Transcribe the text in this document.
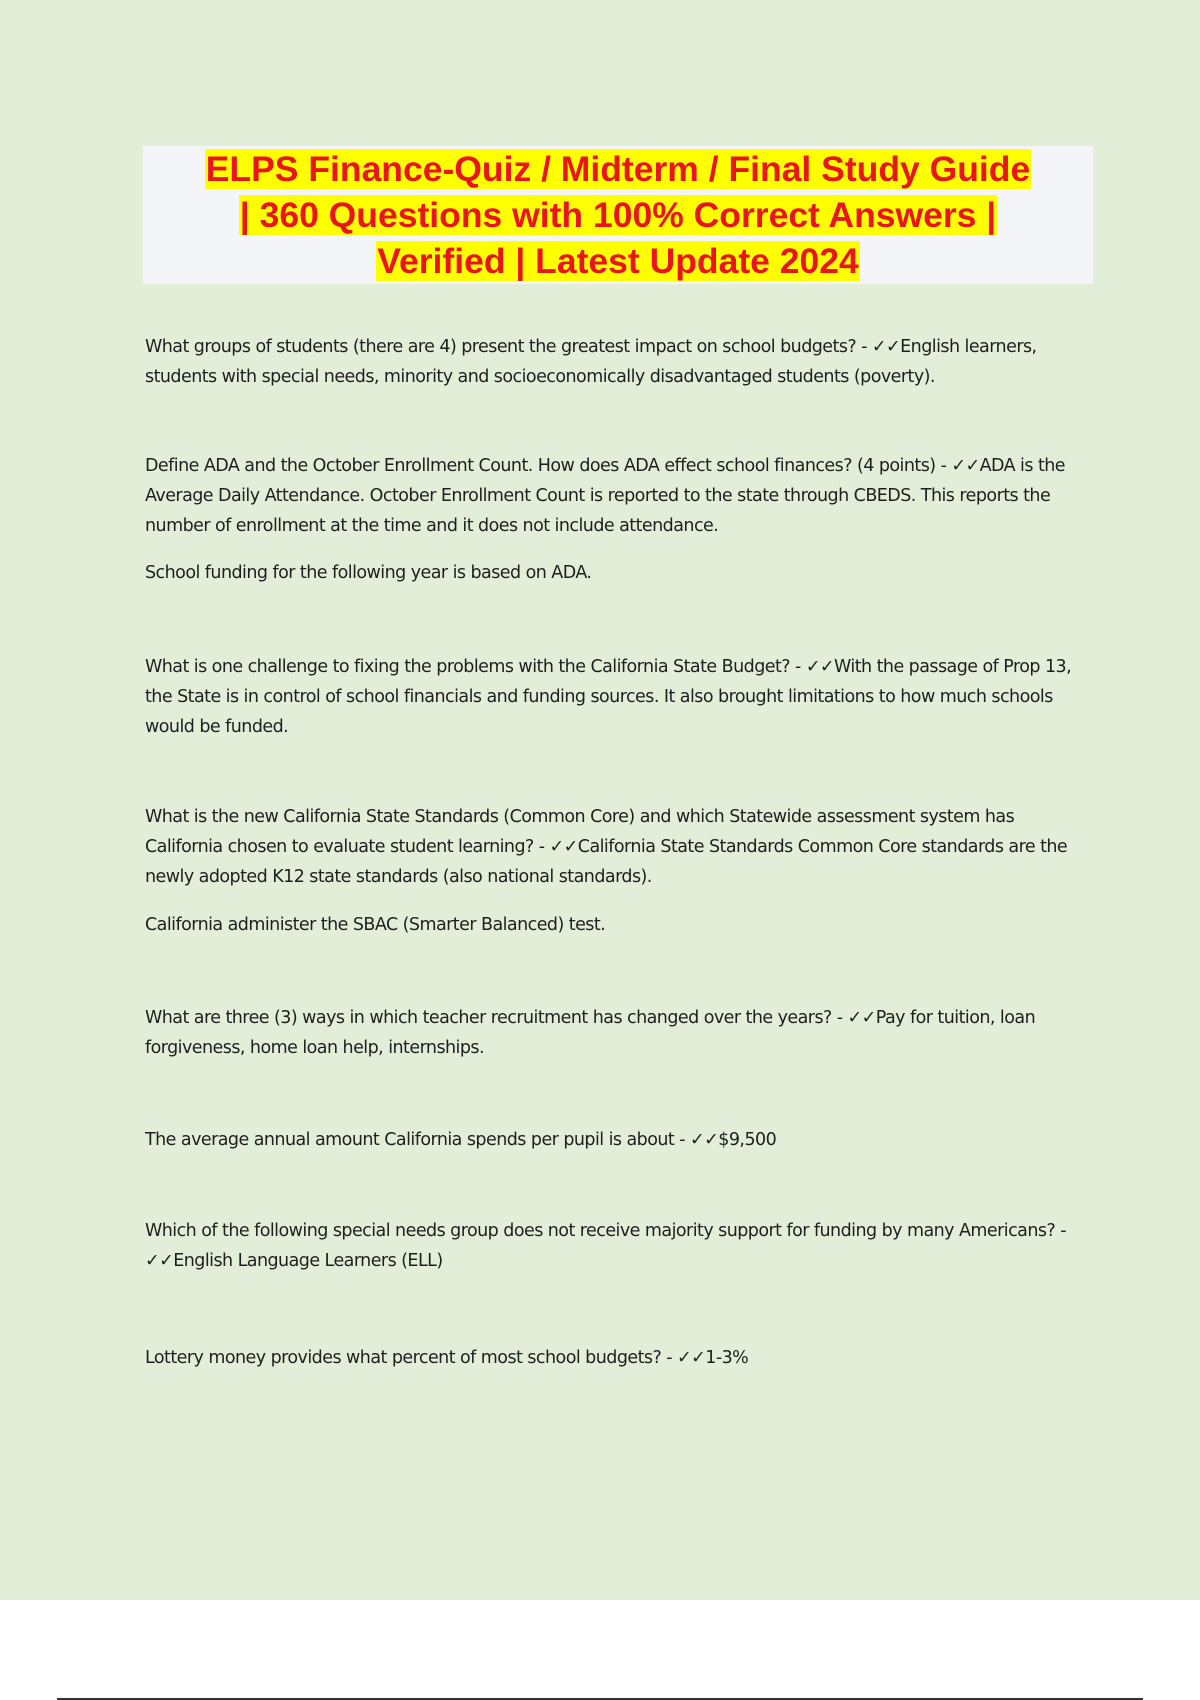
ELPS Finance-Quiz / Midterm / Final Study Guide
| 360 Questions with 100% Correct Answers |
Verified | Latest Update 2024

What groups of students (there are 4) present the greatest impact on school budgets? - ✓✓English learners, students with special needs, minority and socioeconomically disadvantaged students (poverty).

Define ADA and the October Enrollment Count. How does ADA effect school finances? (4 points) - ✓✓ADA is the Average Daily Attendance. October Enrollment Count is reported to the state through CBEDS. This reports the number of enrollment at the time and it does not include attendance.

School funding for the following year is based on ADA.

What is one challenge to fixing the problems with the California State Budget? - ✓✓With the passage of Prop 13, the State is in control of school financials and funding sources. It also brought limitations to how much schools would be funded.

What is the new California State Standards (Common Core) and which Statewide assessment system has California chosen to evaluate student learning? - ✓✓California State Standards Common Core standards are the newly adopted K12 state standards (also national standards).

California administer the SBAC (Smarter Balanced) test.

What are three (3) ways in which teacher recruitment has changed over the years? - ✓✓Pay for tuition, loan forgiveness, home loan help, internships.

The average annual amount California spends per pupil is about - ✓✓$9,500

Which of the following special needs group does not receive majority support for funding by many Americans? - ✓✓English Language Learners (ELL)

Lottery money provides what percent of most school budgets? - ✓✓1-3%
